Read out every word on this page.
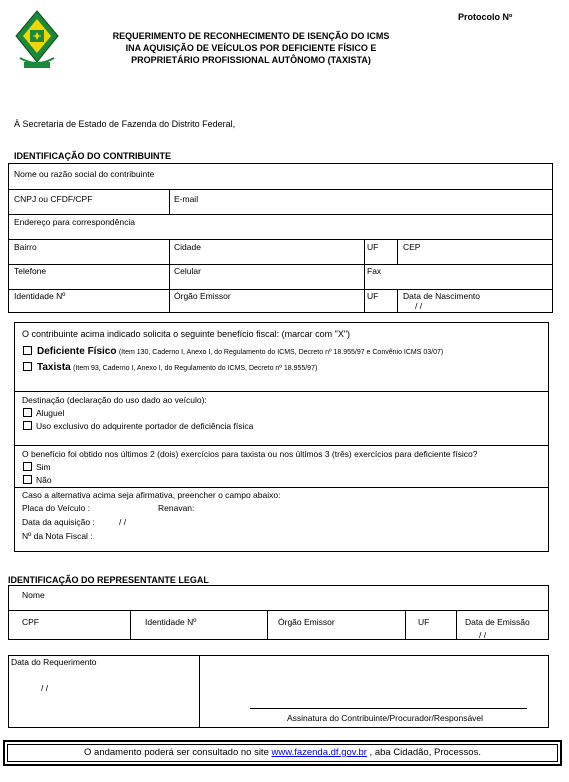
Protocolo Nº
REQUERIMENTO DE RECONHECIMENTO DE ISENÇÃO DO ICMS
INA AQUISIÇÃO DE VEÍCULOS POR DEFICIENTE FÍSICO E
PROPRIETÁRIO PROFISSIONAL AUTÔNOMO (TAXISTA)
À Secretaria de Estado de Fazenda do Distrito Federal,
IDENTIFICAÇÃO DO CONTRIBUINTE
Nome ou razão social do contribuinte
CNPJ ou CFDF/CPF	E-mail
Endereço para correspondência
Bairro	Cidade	UF	CEP
Telefone	Celular	Fax
Identidade Nº	Órgão Emissor	UF	Data de Nascimento
/ /
O contribuinte acima indicado solicita o seguinte benefício fiscal: (marcar com "X")
Deficiente Físico (Item 130, Caderno I, Anexo I, do Regulamento do ICMS, Decreto nº 18.955/97 e Convênio ICMS 03/07)
Taxista (Item 93, Caderno I, Anexo I, do Regulamento do ICMS, Decreto nº 18.955/97)
Destinação (declaração do uso dado ao veículo):
Aluguel
Uso exclusivo do adquirente portador de deficiência física
O benefício foi obtido nos últimos 2 (dois) exercícios para taxista ou nos últimos 3 (três) exercícios para deficiente físico?
Sim
Não
Caso a alternativa acima seja afirmativa, preencher o campo abaixo:
Placa do Veículo :	Renavan:
Data da aquisição :	/ /
Nº da Nota Fiscal :
IDENTIFICAÇÃO DO REPRESENTANTE LEGAL
Nome
CPF	Identidade Nº	Órgão Emissor	UF	Data de Emissão
/ /
Data do Requerimento
/ /
Assinatura do Contribuinte/Procurador/Responsável
O andamento poderá ser consultado no site www.fazenda.df.gov.br , aba Cidadão, Processos.
